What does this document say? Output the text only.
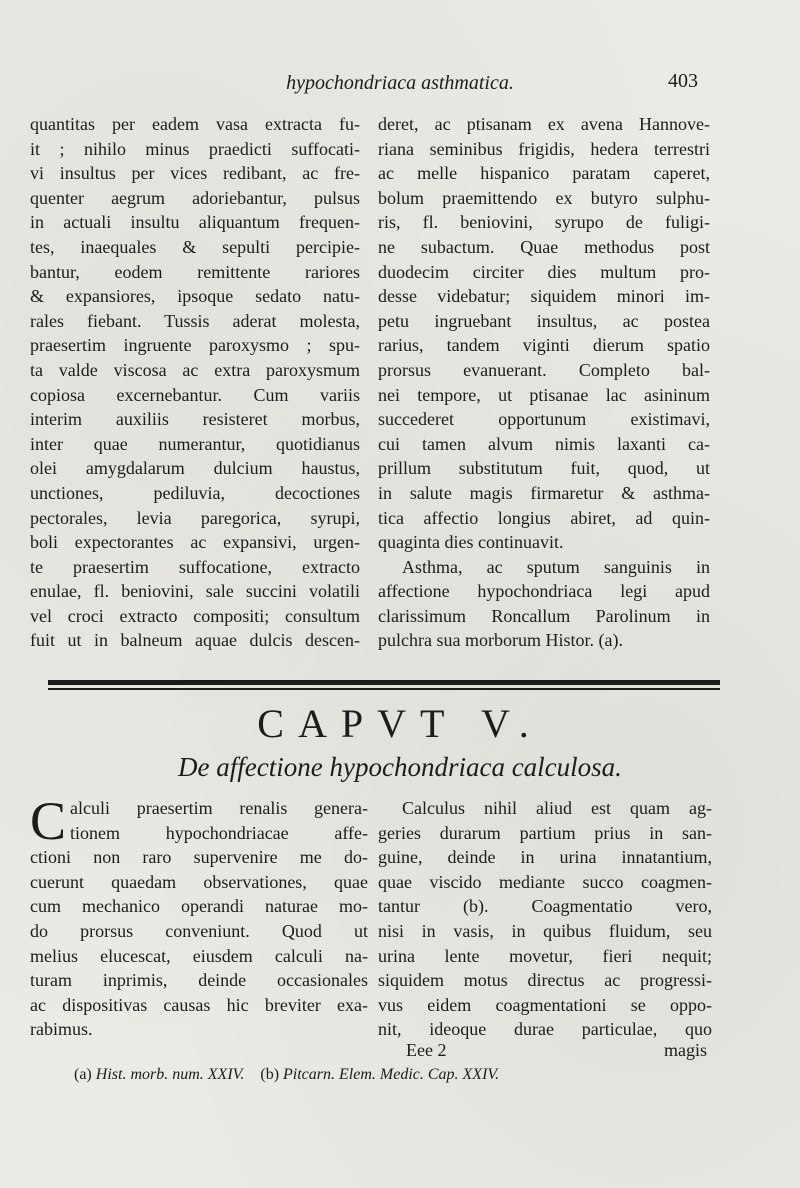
hypochondriaca asthmatica.	403
quantitas per eadem vasa extracta fu-
it ; nihilo minus praedicti suffocati-
vi insultus per vices redibant, ac fre-
quenter aegrum adoriebantur, pulsus
in actuali insultu aliquantum frequen-
tes, inaequales & sepulti percipie-
bantur, eodem remittente rariores
& expansiores, ipsoque sedato natu-
rales fiebant. Tussis aderat molesta,
praesertim ingruente paroxysmo ; spu-
ta valde viscosa ac extra paroxysmum
copiosa excernebantur. Cum variis
interim auxiliis resisteret morbus,
inter quae numerantur, quotidianus
olei amygdalarum dulcium haustus,
unctiones, pediluvia, decoctiones
pectorales, levia paregorica, syrupi,
boli expectorantes ac expansivi, urgen-
te praesertim suffocatione, extracto
enulae, fl. beniovini, sale succini volatili
vel croci extracto compositi; consultum
fuit ut in balneum aquae dulcis descen-
deret, ac ptisanam ex avena Hannove-
riana seminibus frigidis, hedera terrestri
ac melle hispanico paratam caperet,
bolum praemittendo ex butyro sulphu-
ris, fl. beniovini, syrupo de fuligi-
ne subactum. Quae methodus post
duodecim circiter dies multum pro-
desse videbatur; siquidem minori im-
petu ingruebant insultus, ac postea
rarius, tandem viginti dierum spatio
prorsus evanuerant. Completo bal-
nei tempore, ut ptisanae lac asininum
succederet opportunum existimavi,
cui tamen alvum nimis laxanti ca-
prillum substitutum fuit, quod, ut
in salute magis firmaretur & asthma-
tica affectio longius abiret, ad quin-
quaginta dies continuavit.
Asthma, ac sputum sanguinis in
affectione hypochondriaca legi apud
clarissimum Roncallum Parolinum in
pulchra sua morborum Histor. (a).
CAPVT V.
De affectione hypochondriaca calculosa.
C alculi praesertim renalis genera-
tionem hypochondriacae affe-
ctioni non raro supervenire me do-
cuerunt quaedam observationes, quae
cum mechanico operandi naturae mo-
do prorsus conveniunt. Quod ut
melius elucescat, eiusdem calculi na-
turam inprimis, deinde occasionales
ac dispositivas causas hic breviter exa-
rabimus.
Calculus nihil aliud est quam ag-
geries durarum partium prius in san-
guine, deinde in urina innatantium,
quae viscido mediante succo coagmen-
tantur (b). Coagmentatio vero,
nisi in vasis, in quibus fluidum, seu
urina lente movetur, fieri nequit;
siquidem motus directus ac progressi-
vus eidem coagmentationi se oppo-
nit, ideoque durae particulae, quo
Eee 2	magis
(a) Hist. morb. num. XXIV. (b) Pitcarn. Elem. Medic. Cap. XXIV.
